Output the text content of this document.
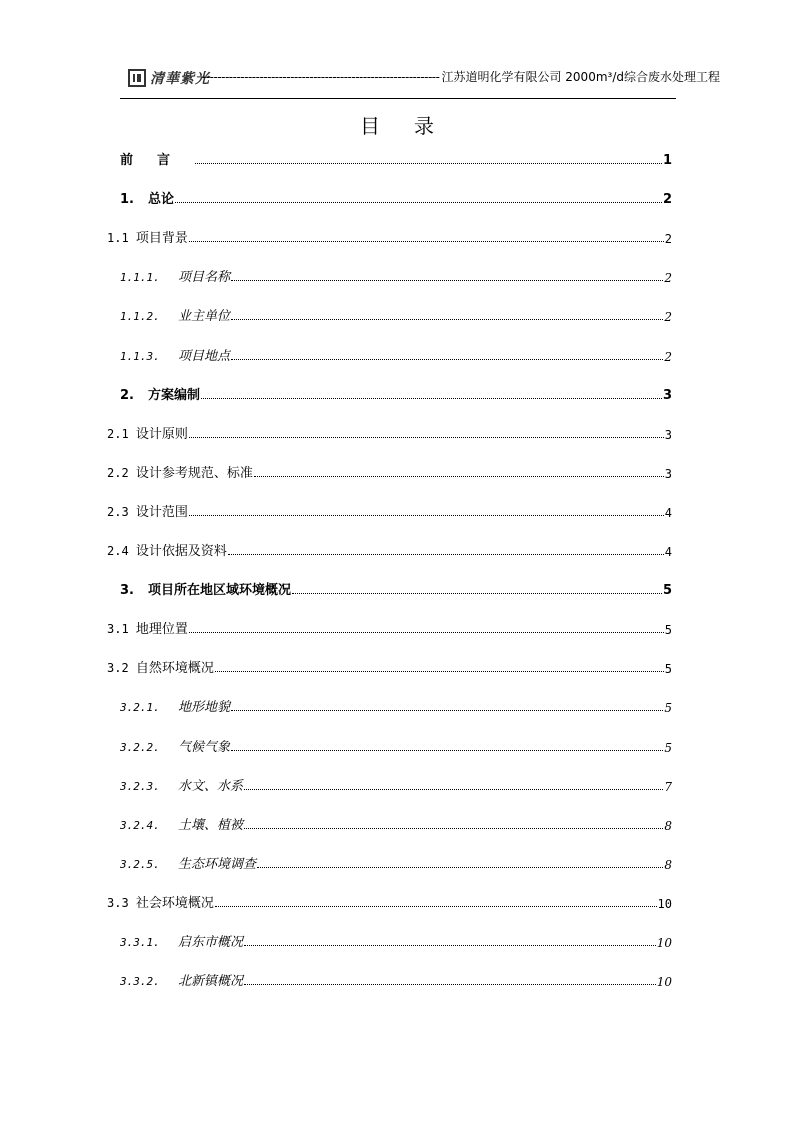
清華紫光
-------------------------------------------------------------- 江苏道明化学有限公司 2000m³/d综合废水处理工程
目录
前言	1
1. 总论	2
1.1 项目背景	2
1.1.1. 项目名称	2
1.1.2. 业主单位	2
1.1.3. 项目地点	2
2. 方案编制	3
2.1 设计原则	3
2.2 设计参考规范、标准	3
2.3 设计范围	4
2.4 设计依据及资料	4
3. 项目所在地区域环境概况	5
3.1 地理位置	5
3.2 自然环境概况	5
3.2.1. 地形地貌	5
3.2.2. 气候气象	5
3.2.3. 水文、水系	7
3.2.4. 土壤、植被	8
3.2.5. 生态环境调查	8
3.3 社会环境概况	10
3.3.1. 启东市概况	10
3.3.2. 北新镇概况	10
